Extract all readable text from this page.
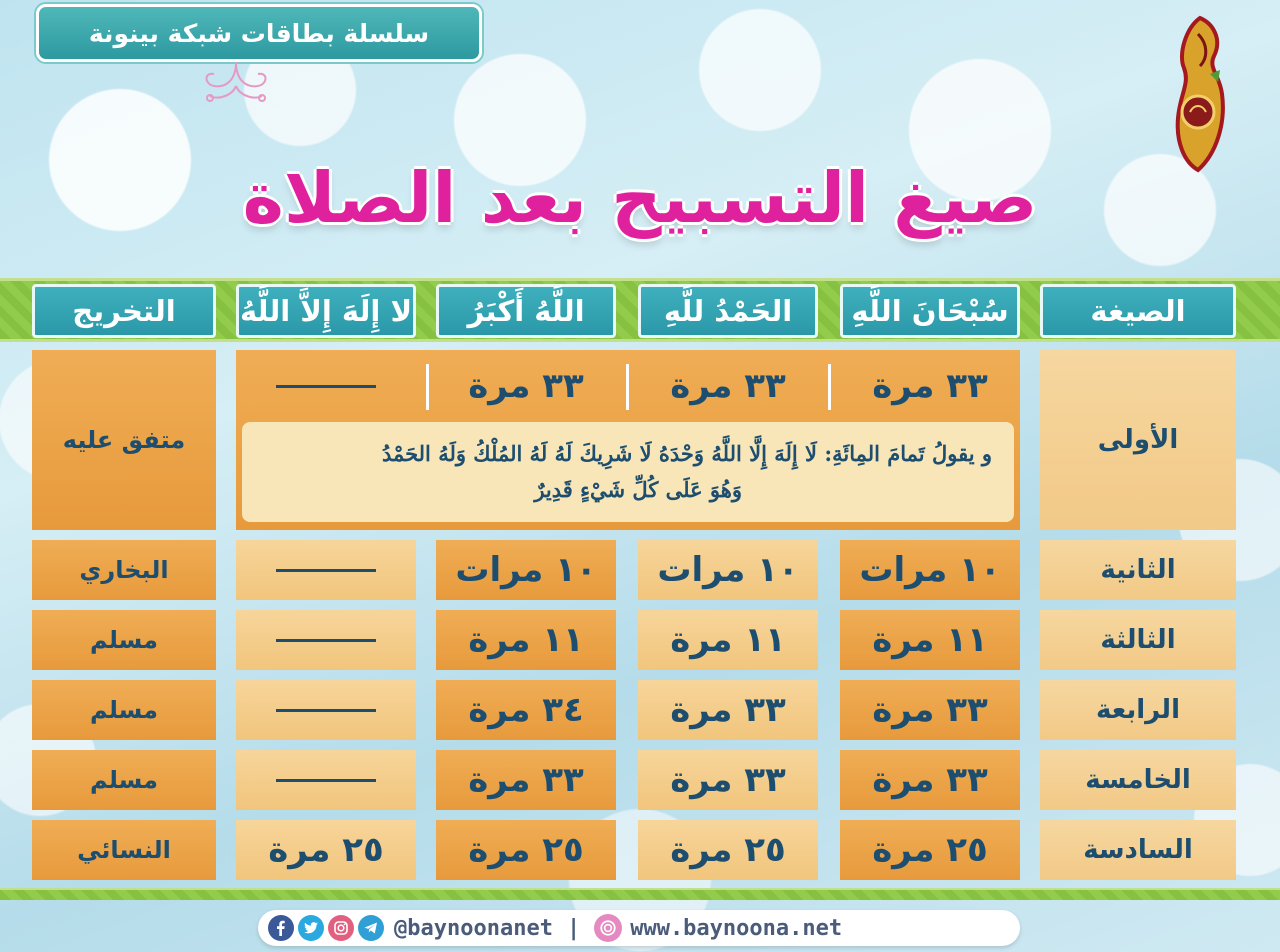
سلسلة بطاقات شبكة بينونة
صيغ التسبيح بعد الصلاة
الصيغة
سُبْحَانَ اللَّهِ
الحَمْدُ للَّهِ
اللَّهُ أَكْبَرُ
لا إِلَهَ إِلاَّ اللَّهُ
التخريج
الأولى
٣٣ مرة
٣٣ مرة
٣٣ مرة
و يقولُ تَمامَ المِائَةِ: لَا إِلَهَ إِلَّا اللَّهُ وَحْدَهُ لَا شَرِيكَ لَهُ لَهُ المُلْكُ وَلَهُ الحَمْدُ
وَهُوَ عَلَى كُلِّ شَيْءٍ قَدِيرٌ
متفق عليه
الثانية
١٠ مرات
١٠ مرات
١٠ مرات
البخاري
الثالثة
١١ مرة
١١ مرة
١١ مرة
مسلم
الرابعة
٣٣ مرة
٣٣ مرة
٣٤ مرة
مسلم
الخامسة
٣٣ مرة
٣٣ مرة
٣٣ مرة
مسلم
السادسة
٢٥ مرة
٢٥ مرة
٢٥ مرة
٢٥ مرة
النسائي
@baynoonanet | www.baynoona.net
